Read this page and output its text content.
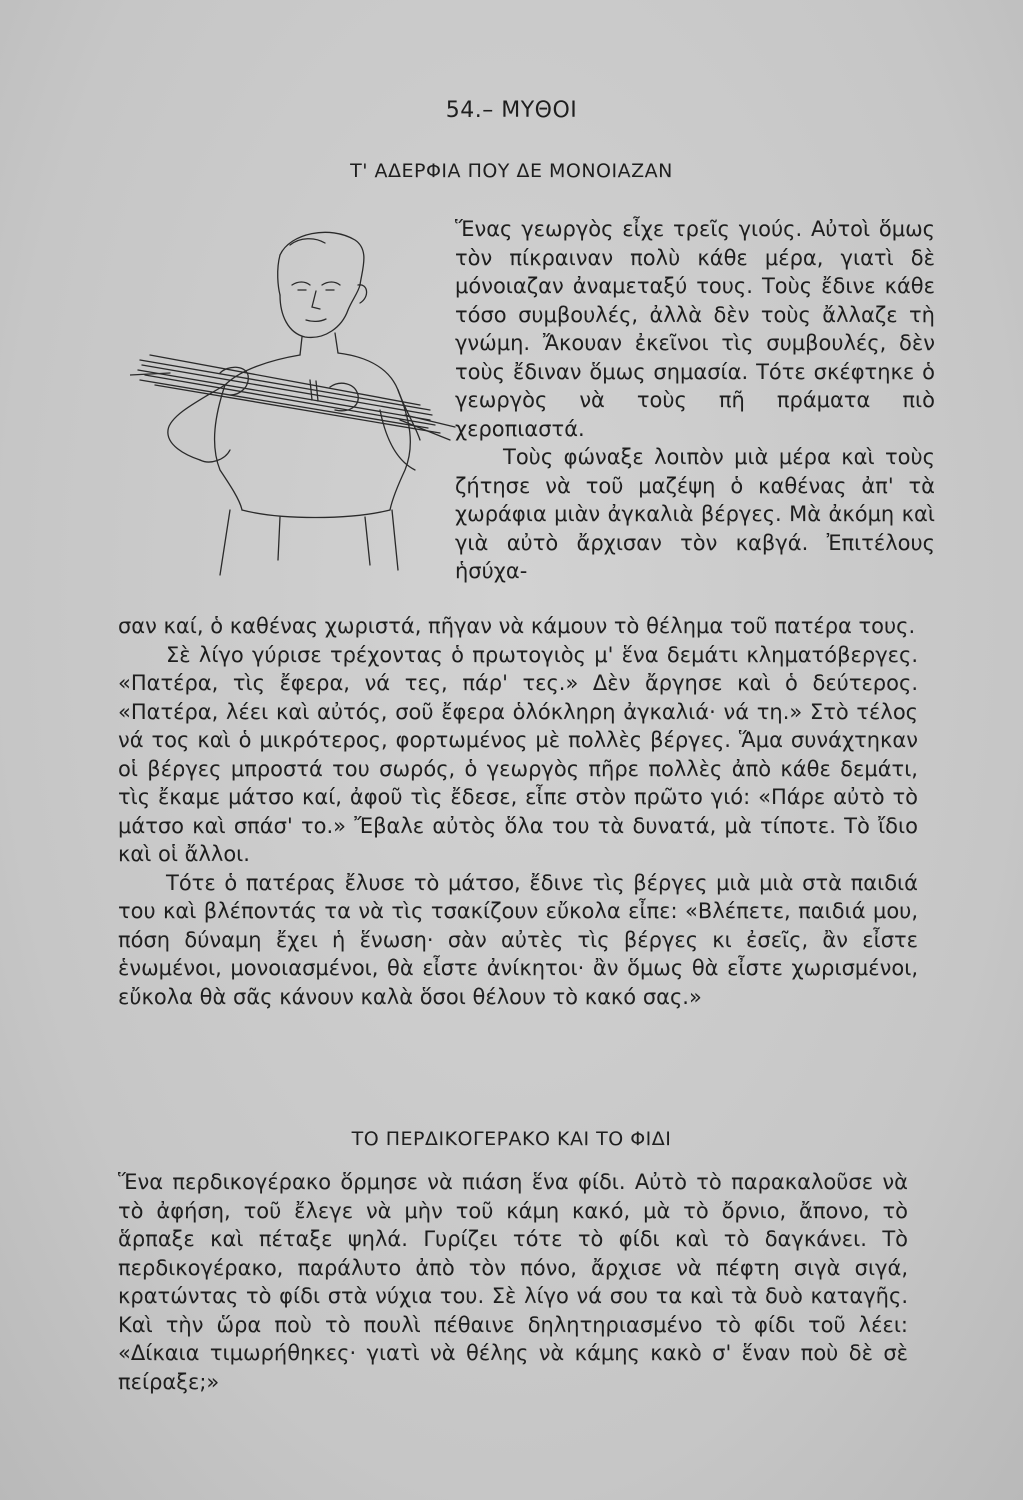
54.– ΜΥΘΟΙ
Τ' ΑΔΕΡΦΙΑ ΠΟΥ ΔΕ ΜΟΝΟΙΑΖΑΝ

Ἕνας γεωργὸς εἶχε τρεῖς γιούς. Αὐτοὶ ὅμως τὸν πίκραιναν πολὺ κάθε μέρα, γιατὶ δὲ μόνοιαζαν ἀναμεταξύ τους. Τοὺς ἔδινε κάθε τόσο συμβουλές, ἀλλὰ δὲν τοὺς ἄλλαζε τὴ γνώμη. Ἄκουαν ἐκεῖνοι τὶς συμβουλές, δὲν τοὺς ἔδιναν ὅμως σημασία. Τότε σκέφτηκε ὁ γεωργὸς νὰ τοὺς πῆ πράματα πιὸ χεροπιαστά.

Τοὺς φώναξε λοιπὸν μιὰ μέρα καὶ τοὺς ζήτησε νὰ τοῦ μαζέψη ὁ καθένας ἀπ' τὰ χωράφια μιὰν ἀγκαλιὰ βέργες. Μὰ ἀκόμη καὶ γιὰ αὐτὸ ἄρχισαν τὸν καβγά. Ἐπιτέλους ἡσύχα-

σαν καί, ὁ καθένας χωριστά, πῆγαν νὰ κάμουν τὸ θέλημα τοῦ πατέρα τους.

Σὲ λίγο γύρισε τρέχοντας ὁ πρωτογιὸς μ' ἕνα δεμάτι κληματόβεργες. «Πατέρα, τὶς ἔφερα, νά τες, πάρ' τες.» Δὲν ἄργησε καὶ ὁ δεύτερος. «Πατέρα, λέει καὶ αὐτός, σοῦ ἔφερα ὁλόκληρη ἀγκαλιά· νά τη.» Στὸ τέλος νά τος καὶ ὁ μικρότερος, φορτωμένος μὲ πολλὲς βέργες. Ἅμα συνάχτηκαν οἱ βέργες μπροστά του σωρός, ὁ γεωργὸς πῆρε πολλὲς ἀπὸ κάθε δεμάτι, τὶς ἔκαμε μάτσο καί, ἀφοῦ τὶς ἔδεσε, εἶπε στὸν πρῶτο γιό: «Πάρε αὐτὸ τὸ μάτσο καὶ σπάσ' το.» Ἔβαλε αὐτὸς ὅλα του τὰ δυνατά, μὰ τίποτε. Τὸ ἴδιο καὶ οἱ ἄλλοι.

Τότε ὁ πατέρας ἔλυσε τὸ μάτσο, ἔδινε τὶς βέργες μιὰ μιὰ στὰ παιδιά του καὶ βλέποντάς τα νὰ τὶς τσακίζουν εὔκολα εἶπε: «Βλέπετε, παιδιά μου, πόση δύναμη ἔχει ἡ ἕνωση· σὰν αὐτὲς τὶς βέργες κι ἐσεῖς, ἂν εἶστε ἑνωμένοι, μονοιασμένοι, θὰ εἶστε ἀνίκητοι· ἂν ὅμως θὰ εἶστε χωρισμένοι, εὔκολα θὰ σᾶς κάνουν καλὰ ὅσοι θέλουν τὸ κακό σας.»

ΤΟ ΠΕΡΔΙΚΟΓΕΡΑΚΟ ΚΑΙ ΤΟ ΦΙΔΙ

Ἕνα περδικογέρακο ὅρμησε νὰ πιάση ἕνα φίδι. Αὐτὸ τὸ παρακαλοῦσε νὰ τὸ ἀφήση, τοῦ ἔλεγε νὰ μὴν τοῦ κάμη κακό, μὰ τὸ ὄρνιο, ἄπονο, τὸ ἅρπαξε καὶ πέταξε ψηλά. Γυρίζει τότε τὸ φίδι καὶ τὸ δαγκάνει. Τὸ περδικογέρακο, παράλυτο ἀπὸ τὸν πόνο, ἄρχισε νὰ πέφτη σιγὰ σιγά, κρατώντας τὸ φίδι στὰ νύχια του. Σὲ λίγο νά σου τα καὶ τὰ δυὸ καταγῆς. Καὶ τὴν ὥρα ποὺ τὸ πουλὶ πέθαινε δηλητηριασμένο τὸ φίδι τοῦ λέει: «Δίκαια τιμωρήθηκες· γιατὶ νὰ θέλης νὰ κάμης κακὸ σ' ἕναν ποὺ δὲ σὲ πείραξε;»
